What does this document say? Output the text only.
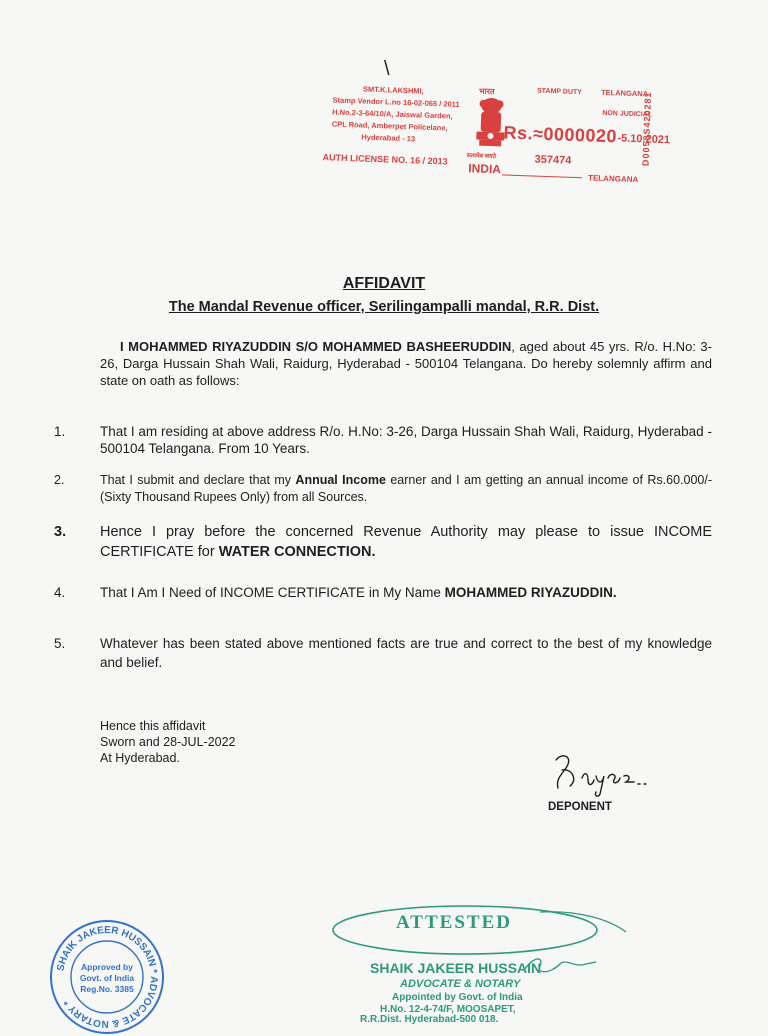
SMT.K.LAKSHMI,
Stamp Vendor L.no 16-02-065 / 2011
H.No.2-3-64/10/A, Jaiswal Garden,
CPL Road, Amberpet Policelane,
Hyderabad - 13
AUTH LICENSE NO. 16 / 2013
भारत
सत्यमेव जयते
INDIA
STAMP DUTY
Rs.≈0000020 -5.10.2021
357474
TELANGANA
NON JUDICIAL
TELANGANA
D0058S420281
\
AFFIDAVIT
The Mandal Revenue officer, Serilingampalli mandal, R.R. Dist.
I MOHAMMED RIYAZUDDIN S/O MOHAMMED BASHEERUDDIN, aged about 45 yrs. R/o. H.No: 3-26, Darga Hussain Shah Wali, Raidurg, Hyderabad - 500104 Telangana. Do hereby solemnly affirm and state on oath as follows:
1.	That I am residing at above address R/o. H.No: 3-26, Darga Hussain Shah Wali, Raidurg, Hyderabad - 500104 Telangana. From 10 Years.
2.	That I submit and declare that my Annual Income earner and I am getting an annual income of Rs.60.000/- (Sixty Thousand Rupees Only) from all Sources.
3. Hence I pray before the concerned Revenue Authority may please to issue INCOME CERTIFICATE for WATER CONNECTION.
4.	That I Am I Need of INCOME CERTIFICATE in My Name MOHAMMED RIYAZUDDIN.
5.	Whatever has been stated above mentioned facts are true and correct to the best of my knowledge and belief.
Hence this affidavit
Sworn and 28-JUL-2022
At Hyderabad.
DEPONENT
ATTESTED
SHAIK JAKEER HUSSAIN
ADVOCATE & NOTARY
Appointed by Govt. of India
H.No. 12-4-74/F, MOOSAPET,
R.R.Dist. Hyderabad-500 018.
SHAIK JAKEER HUSSAIN * ADVOCATE & NOTARY *
Approved by
Govt. of India
Reg.No. 3385
